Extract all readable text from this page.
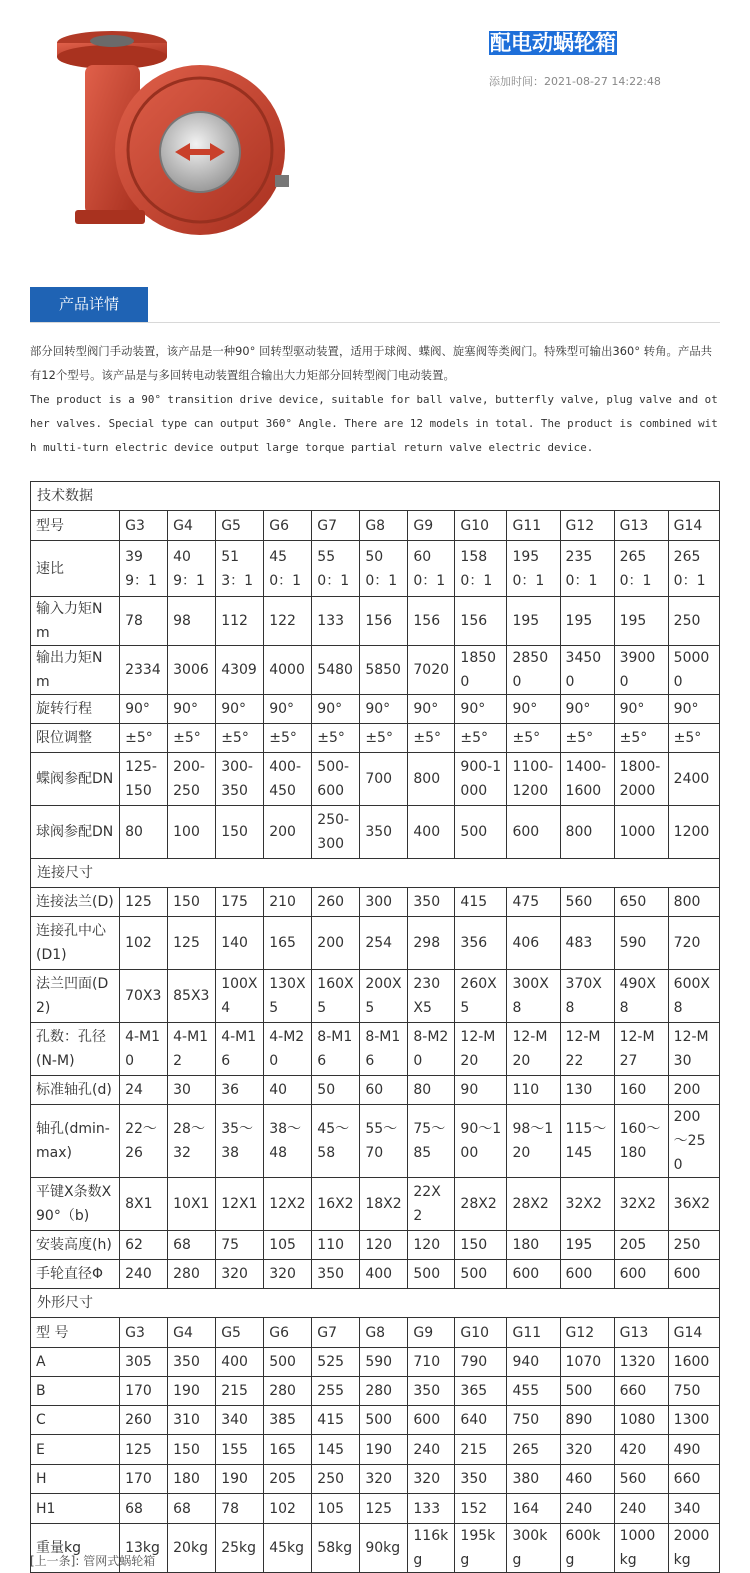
配电动蜗轮箱
添加时间：2021-08-27 14:22:48
产品详情
部分回转型阀门手动装置，该产品是一种90° 回转型驱动装置，适用于球阀、蝶阀、旋塞阀等类阀门。特殊型可输出360° 转角。产品共有12个型号。该产品是与多回转电动装置组合输出大力矩部分回转型阀门电动装置。
The product is a 90° transition drive device, suitable for ball valve, butterfly valve, plug valve and other valves. Special type can output 360° Angle. There are 12 models in total. The product is combined with multi-turn electric device output large torque partial return valve electric device.
技术数据												
型号	G3	G4	G5	G6	G7	G8	G9	G10	G11	G12	G13	G14
速比	399：1	409：1	513：1	450：1	550：1	500：1	600：1	1580：1	1950：1	2350：1	2650：1	2650：1
输入力矩Nm	78	98	112	122	133	156	156	156	195	195	195	250
输出力矩Nm	2334	3006	4309	4000	5480	5850	7020	18500	28500	34500	39000	50000
旋转行程	90°	90°	90°	90°	90°	90°	90°	90°	90°	90°	90°	90°
限位调整	±5°	±5°	±5°	±5°	±5°	±5°	±5°	±5°	±5°	±5°	±5°	±5°
蝶阀参配DN	125-150	200-250	300-350	400-450	500-600	700	800	900-1000	1100-1200	1400-1600	1800-2000	2400
球阀参配DN	80	100	150	200	250-300	350	400	500	600	800	1000	1200
连接尺寸												
连接法兰(D)	125	150	175	210	260	300	350	415	475	560	650	800
连接孔中心(D1)	102	125	140	165	200	254	298	356	406	483	590	720
法兰凹面(D2)	70X3	85X3	100X4	130X5	160X5	200X5	230X5	260X5	300X8	370X8	490X8	600X8
孔数：孔径(N-M)	4-M10	4-M12	4-M16	4-M20	8-M16	8-M16	8-M20	12-M20	12-M20	12-M22	12-M27	12-M30
标准轴孔(d)	24	30	36	40	50	60	80	90	110	130	160	200
轴孔(dmin-max)	22～26	28～32	35～38	38～48	45～58	55～70	75～85	90～100	98～120	115～145	160～180	200～250
平键X条数X 90°（b)	8X1	10X1	12X1	12X2	16X2	18X2	22X2	28X2	28X2	32X2	32X2	36X2
安装高度(h)	62	68	75	105	110	120	120	150	180	195	205	250
手轮直径Φ	240	280	320	320	350	400	500	500	600	600	600	600
外形尺寸												
型 号	G3	G4	G5	G6	G7	G8	G9	G10	G11	G12	G13	G14
A	305	350	400	500	525	590	710	790	940	1070	1320	1600
B	170	190	215	280	255	280	350	365	455	500	660	750
C	260	310	340	385	415	500	600	640	750	890	1080	1300
E	125	150	155	165	145	190	240	215	265	320	420	490
H	170	180	190	205	250	320	320	350	380	460	560	660
H1	68	68	78	102	105	125	133	152	164	240	240	340
重量kg	13kg	20kg	25kg	45kg	58kg	90kg	116kg	195kg	300kg	600kg	1000kg	2000kg
[上一条]: 管网式蜗轮箱
